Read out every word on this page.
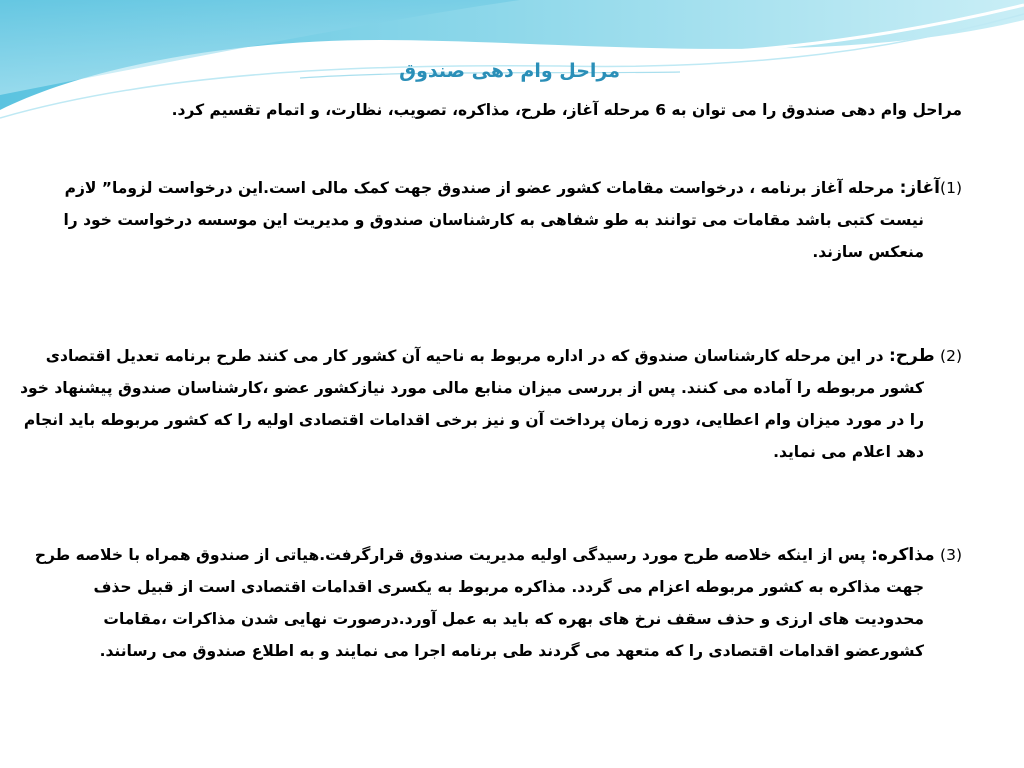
مراحل وام دهی صندوق

مراحل وام دهی صندوق را می توان به 6 مرحله آغاز، طرح، مذاکره، تصویب، نظارت، و اتمام تقسیم کرد.

(1)آغاز: مرحله آغاز برنامه ، درخواست مقامات کشور عضو از صندوق جهت کمک مالی است.این درخواست لزوما” لازم
نیست کتبی باشد مقامات می توانند به طو شفاهی به کارشناسان صندوق و مدیریت این موسسه درخواست خود را
منعکس سازند.
(2) طرح: در این مرحله کارشناسان صندوق که در اداره مربوط به ناحیه آن کشور کار می کنند طرح برنامه تعدیل اقتصادی
کشور مربوطه را آماده می کنند. پس از بررسی میزان منابع مالی مورد نیازکشور عضو ،کارشناسان صندوق پیشنهاد خود
را در مورد میزان وام اعطایی، دوره زمان پرداخت آن و نیز برخی اقدامات اقتصادی اولیه را که کشور مربوطه باید انجام
دهد اعلام می نماید.
(3) مذاکره: پس از اینکه خلاصه طرح مورد رسیدگی اولیه مدیریت صندوق قرارگرفت.هیاتی از صندوق همراه با خلاصه طرح
جهت مذاکره به کشور مربوطه اعزام می گردد. مذاکره مربوط به یکسری اقدامات اقتصادی است از قبیل حذف
محدودیت های ارزی و حذف سقف نرخ های بهره که باید به عمل آورد.درصورت نهایی شدن مذاکرات ،مقامات
کشورعضو اقدامات اقتصادی را که متعهد می گردند طی برنامه اجرا می نمایند و به اطلاع صندوق می رسانند.
